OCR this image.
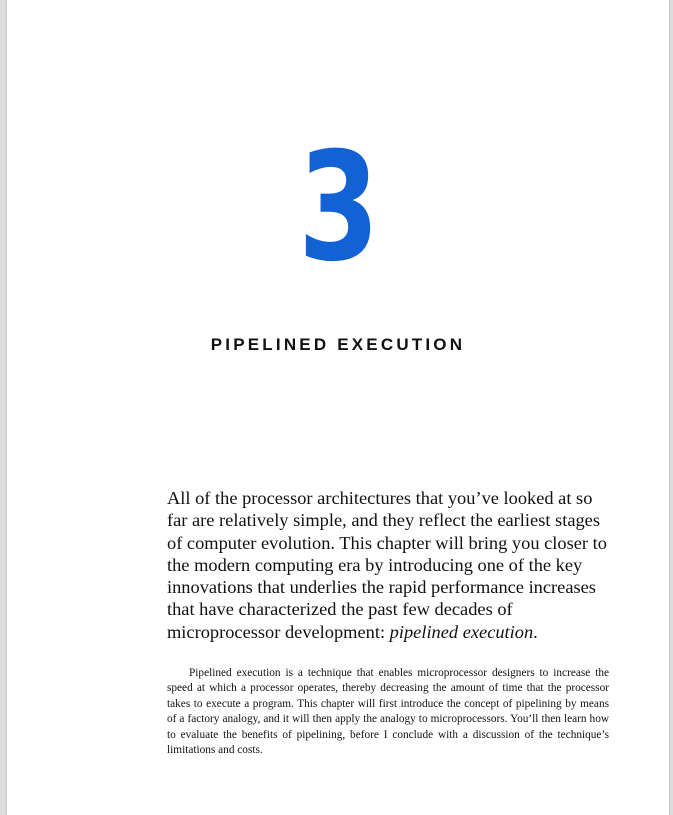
3
PIPELINED EXECUTION

All of the processor architectures that you’ve looked at so far are relatively simple, and they reflect the earliest stages of computer evolution. This chapter will bring you closer to the modern computing era by introducing one of the key innovations that underlies the rapid performance increases that have characterized the past few decades of microprocessor development: pipelined execution.

Pipelined execution is a technique that enables microprocessor designers to increase the speed at which a processor operates, thereby decreasing the amount of time that the processor takes to execute a program. This chapter will first introduce the concept of pipelining by means of a factory analogy, and it will then apply the analogy to microprocessors. You’ll then learn how to evaluate the benefits of pipelining, before I conclude with a discussion of the technique’s limitations and costs.
